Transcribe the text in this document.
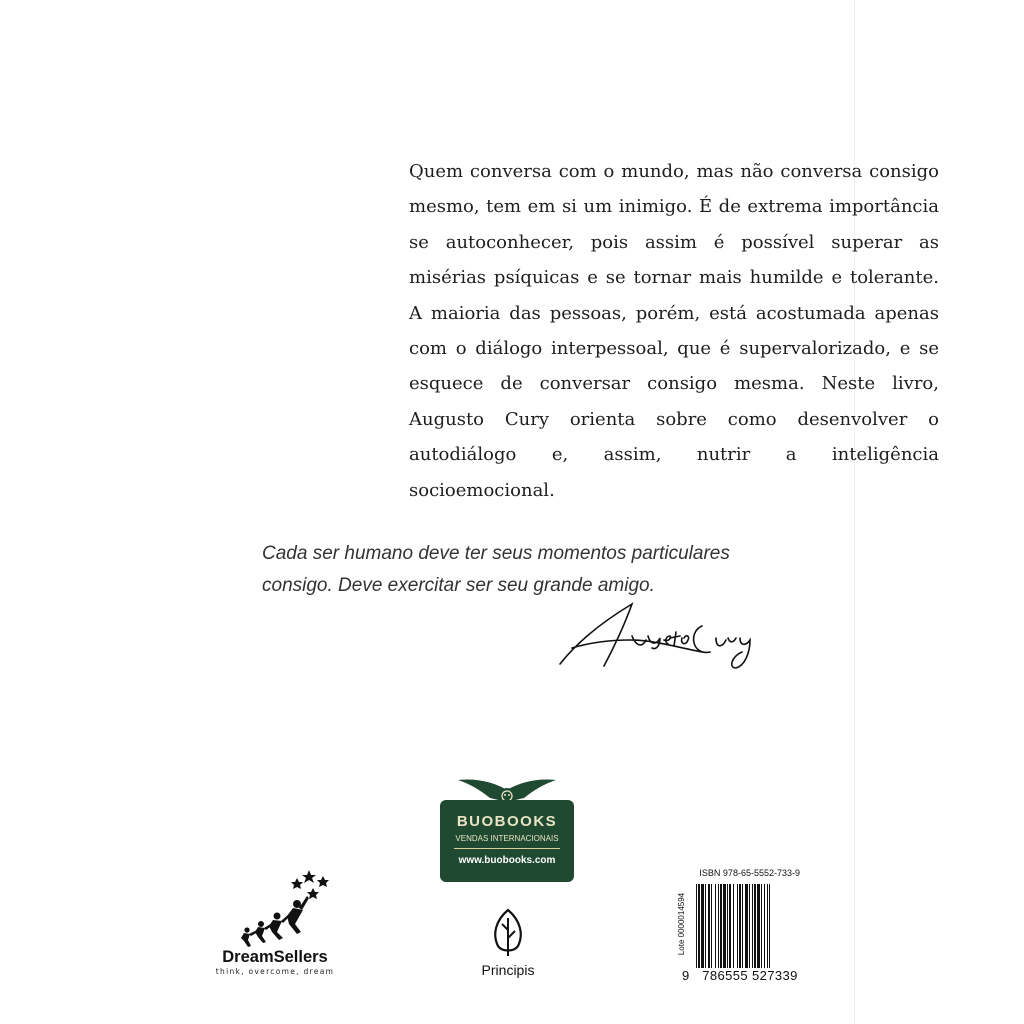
Quem conversa com o mundo, mas não conversa consigo mesmo, tem em si um inimigo. É de extrema importância se autoconhecer, pois assim é possível superar as misérias psíquicas e se tornar mais humilde e tolerante. A maioria das pessoas, porém, está acostumada apenas com o diálogo interpessoal, que é supervalorizado, e se esquece de conversar consigo mesma. Neste livro, Augusto Cury orienta sobre como desenvolver o autodiálogo e, assim, nutrir a inteligência socioemocional.

Cada ser humano deve ter seus momentos particulares
consigo. Deve exercitar ser seu grande amigo.
BUOBOOKS
VENDAS INTERNACIONAIS
www.buobooks.com
DreamSellers
think, overcome, dream	Principis
ISBN 978-65-5552-733-9
Lote 0000014594
9 786555 527339
